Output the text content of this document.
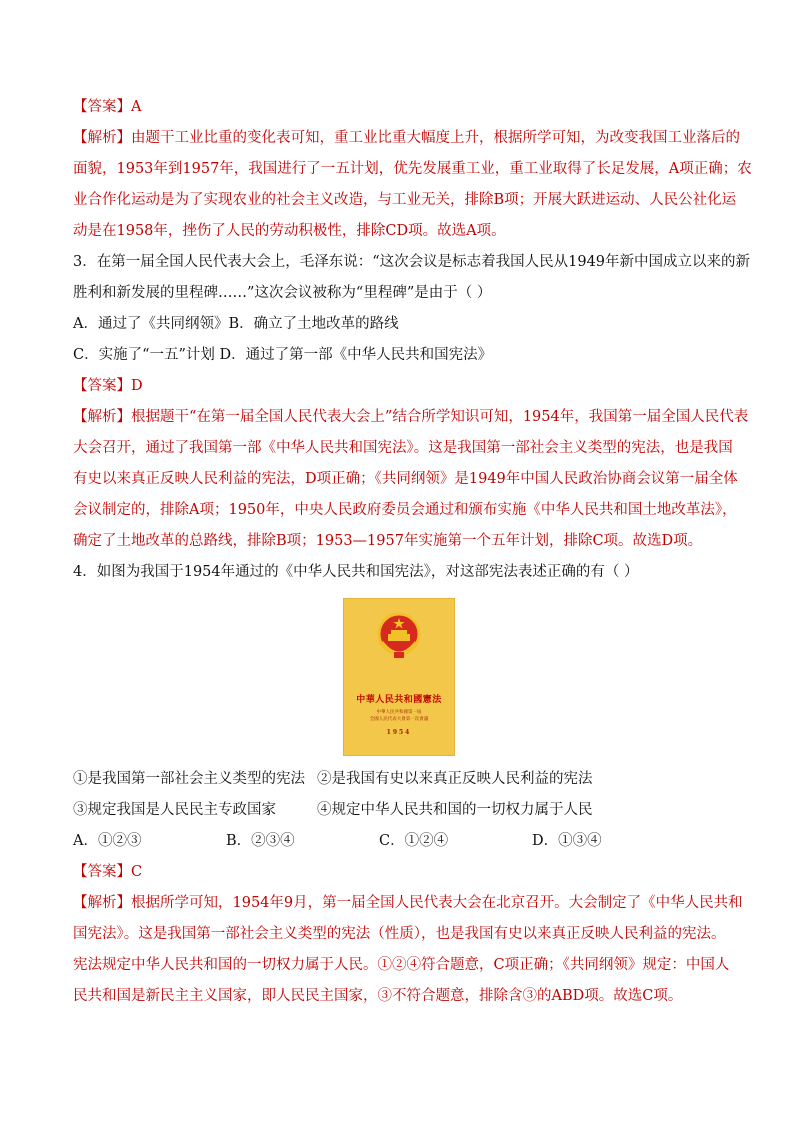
【答案】A
【解析】由题干工业比重的变化表可知，重工业比重大幅度上升，根据所学可知，为改变我国工业落后的
面貌，1953年到1957年，我国进行了一五计划，优先发展重工业，重工业取得了长足发展，A项正确；农
业合作化运动是为了实现农业的社会主义改造，与工业无关，排除B项；开展大跃进运动、人民公社化运
动是在1958年，挫伤了人民的劳动积极性，排除CD项。故选A项。
3．在第一届全国人民代表大会上，毛泽东说：“这次会议是标志着我国人民从1949年新中国成立以来的新
胜利和新发展的里程碑……”这次会议被称为“里程碑”是由于（ ）
A．通过了《共同纲领》B．确立了土地改革的路线
C．实施了“一五”计划 D．通过了第一部《中华人民共和国宪法》
【答案】D
【解析】根据题干“在第一届全国人民代表大会上”结合所学知识可知，1954年，我国第一届全国人民代表
大会召开，通过了我国第一部《中华人民共和国宪法》。这是我国第一部社会主义类型的宪法，也是我国
有史以来真正反映人民利益的宪法，D项正确；《共同纲领》是1949年中国人民政治协商会议第一届全体
会议制定的，排除A项；1950年，中央人民政府委员会通过和颁布实施《中华人民共和国土地改革法》，
确定了土地改革的总路线，排除B项；1953—1957年实施第一个五年计划，排除C项。故选D项。
4．如图为我国于1954年通过的《中华人民共和国宪法》，对这部宪法表述正确的有（ ）
中華人民共和國憲法
中華人民共和國第一屆
全國人民代表大會第一次會議
1954
①是我国第一部社会主义类型的宪法 ②是我国有史以来真正反映人民利益的宪法
③规定我国是人民民主专政国家	④规定中华人民共和国的一切权力属于人民
A．①②③	B．②③④	C．①②④	D．①③④
【答案】C
【解析】根据所学可知，1954年9月，第一届全国人民代表大会在北京召开。大会制定了《中华人民共和
国宪法》。这是我国第一部社会主义类型的宪法（性质），也是我国有史以来真正反映人民利益的宪法。
宪法规定中华人民共和国的一切权力属于人民。①②④符合题意，C项正确；《共同纲领》规定：中国人
民共和国是新民主主义国家，即人民民主国家，③不符合题意，排除含③的ABD项。故选C项。
